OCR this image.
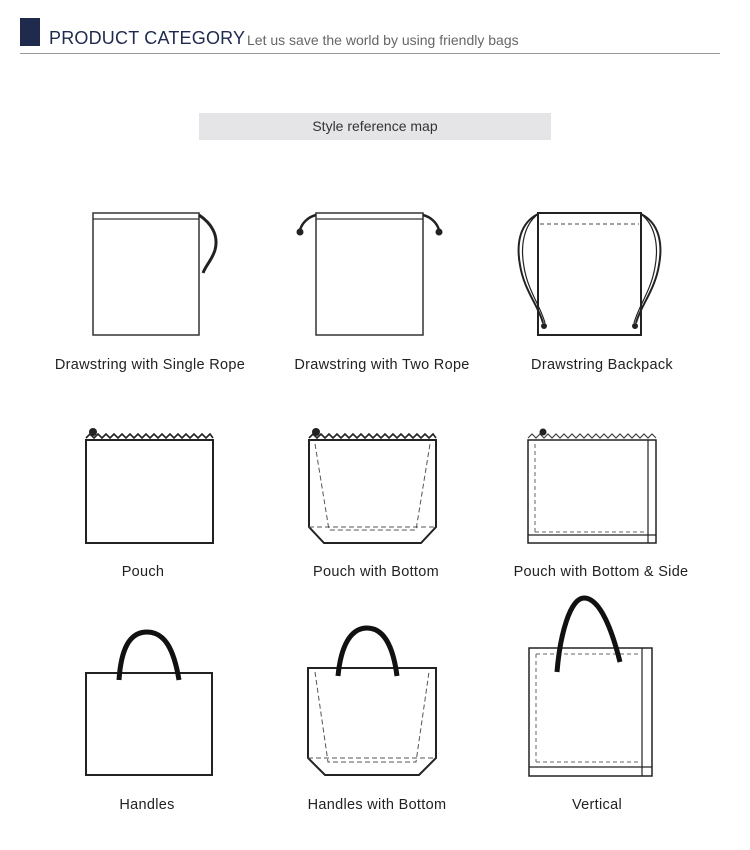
PRODUCT CATEGORY Let us save the world by using friendly bags
Style reference map
Drawstring with Single Rope	Drawstring with Two Rope	Drawstring Backpack
Pouch	Pouch with Bottom	Pouch with Bottom & Side
Handles	Handles with Bottom	Vertical
